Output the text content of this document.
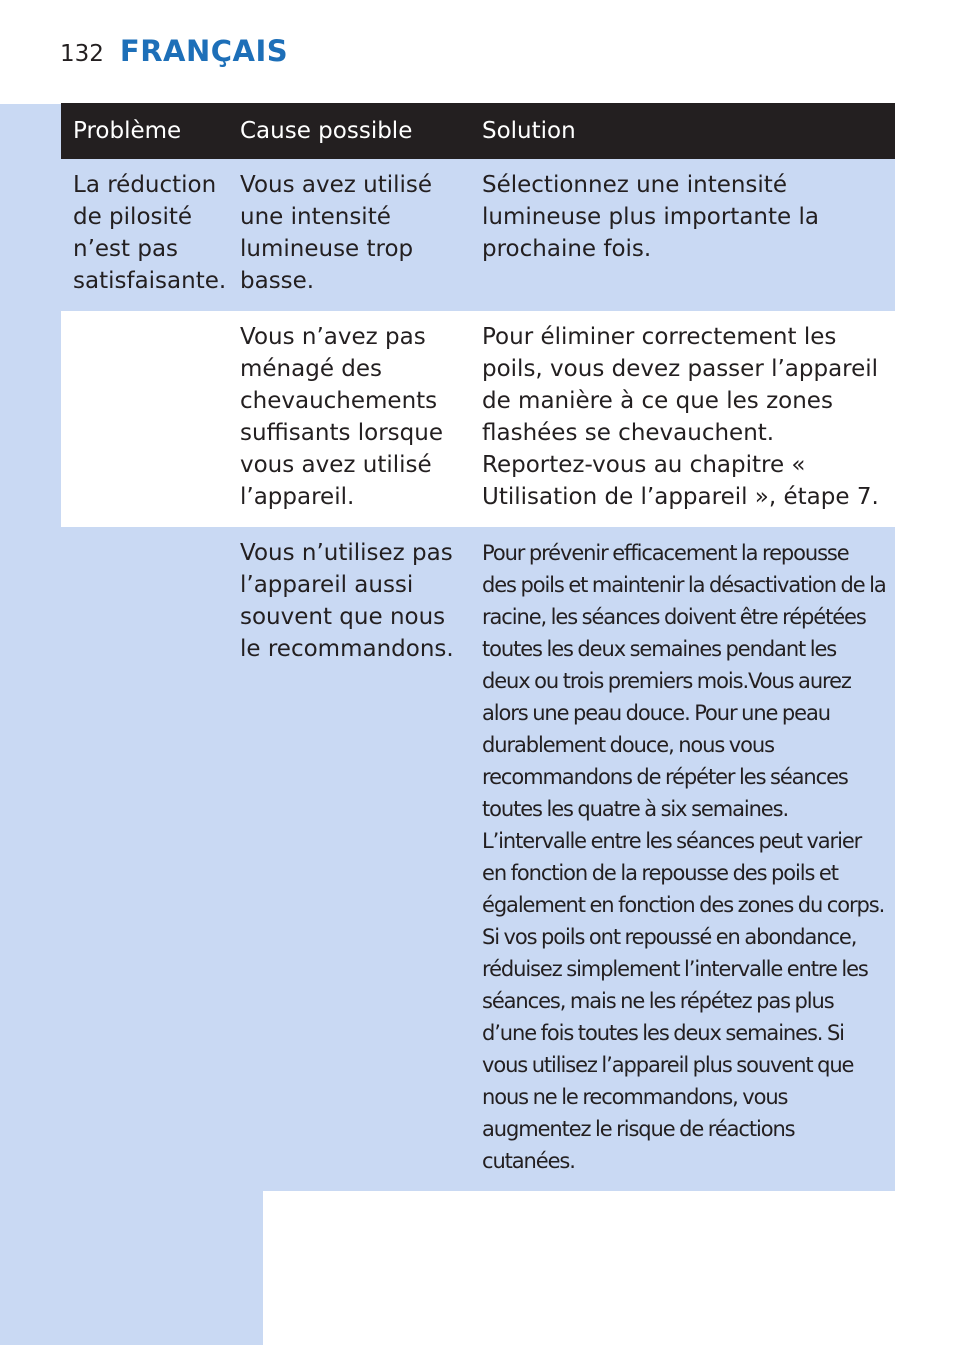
132 FRANÇAIS
Problème	Cause possible	Solution
La réduction de pilosité n’est pas satisfaisante.	Vous avez utilisé une intensité lumineuse trop basse.	Sélectionnez une intensité lumineuse plus importante la prochaine fois.
	Vous n’avez pas ménagé des chevauchements suffisants lorsque vous avez utilisé l’appareil.	Pour éliminer correctement les poils, vous devez passer l’appareil de manière à ce que les zones flashées se chevauchent. Reportez-vous au chapitre « Utilisation de l’appareil », étape 7.
	Vous n’utilisez pas l’appareil aussi souvent que nous le recommandons.	Pour prévenir efficacement la repousse des poils et maintenir la désactivation de la racine, les séances doivent être répétées toutes les deux semaines pendant les deux ou trois premiers mois.Vous aurez alors une peau douce. Pour une peau durablement douce, nous vous recommandons de répéter les séances toutes les quatre à six semaines. L’intervalle entre les séances peut varier en fonction de la repousse des poils et également en fonction des zones du corps. Si vos poils ont repoussé en abondance, réduisez simplement l’intervalle entre les séances, mais ne les répétez pas plus d’une fois toutes les deux semaines. Si vous utilisez l’appareil plus souvent que nous ne le recommandons, vous augmentez le risque de réactions cutanées.
